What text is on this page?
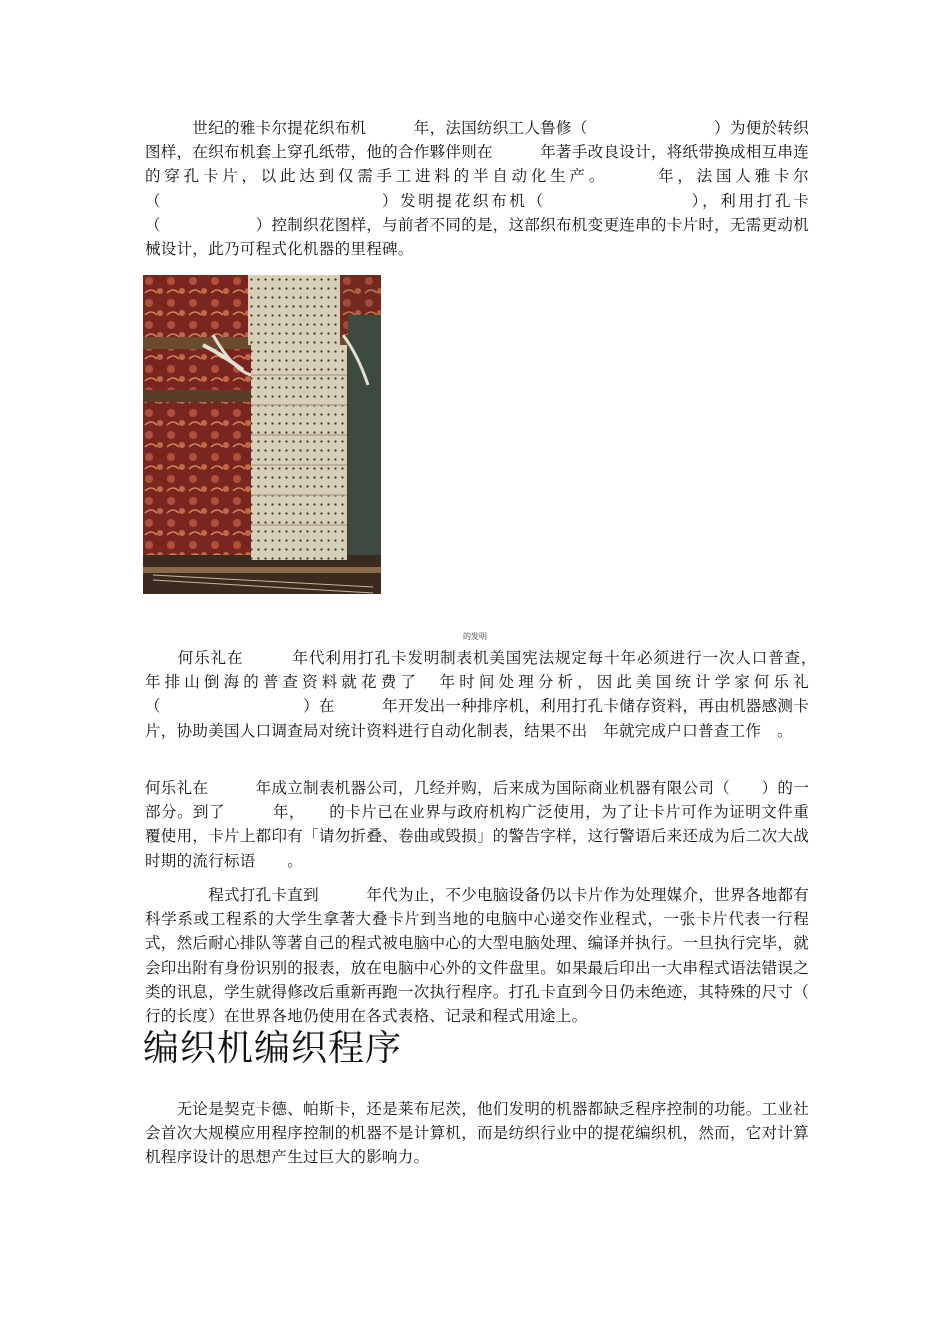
　　　世纪的雅卡尔提花织布机　　　年，法国纺织工人鲁修（　　　　　　　　）为便於转织图样，在织布机套上穿孔纸带，他的合作夥伴则在　　　年著手改良设计，将纸带换成相互串连的穿孔卡片，以此达到仅需手工进料的半自动化生产。　　　年，法国人雅卡尔（　　　　　　　　　　　　）发明提花织布机（　　　　　　　　），利用打孔卡（　　　　　　）控制织花图样，与前者不同的是，这部织布机变更连串的卡片时，无需更动机械设计，此乃可程式化机器的里程碑。

的发明

　　何乐礼在　　　年代利用打孔卡发明制表机美国宪法规定每十年必须进行一次人口普查，　　　年排山倒海的普查资料就花费了　年时间处理分析，因此美国统计学家何乐礼（　　　　　　　　　）在　　　年开发出一种排序机，利用打孔卡储存资料，再由机器感测卡片，协助美国人口调查局对统计资料进行自动化制表，结果不出　年就完成户口普查工作　。

何乐礼在　　　年成立制表机器公司，几经并购，后来成为国际商业机器有限公司（　　）的一部分。到了　　　年，　　的卡片已在业界与政府机构广泛使用，为了让卡片可作为证明文件重覆使用，卡片上都印有「请勿折叠、卷曲或毁损」的警告字样，这行警语后来还成为后二次大战时期的流行标语　　。

　　　　程式打孔卡直到　　　年代为止，不少电脑设备仍以卡片作为处理媒介，世界各地都有科学系或工程系的大学生拿著大叠卡片到当地的电脑中心递交作业程式，一张卡片代表一行程式，然后耐心排队等著自己的程式被电脑中心的大型电脑处理、编译并执行。一旦执行完毕，就会印出附有身份识别的报表，放在电脑中心外的文件盘里。如果最后印出一大串程式语法错误之类的讯息，学生就得修改后重新再跑一次执行程序。打孔卡直到今日仍未绝迹，其特殊的尺寸（　行的长度）在世界各地仍使用在各式表格、记录和程式用途上。

编织机编织程序

　　无论是契克卡德、帕斯卡，还是莱布尼茨，他们发明的机器都缺乏程序控制的功能。工业社会首次大规模应用程序控制的机器不是计算机，而是纺织行业中的提花编织机，然而，它对计算机程序设计的思想产生过巨大的影响力。
